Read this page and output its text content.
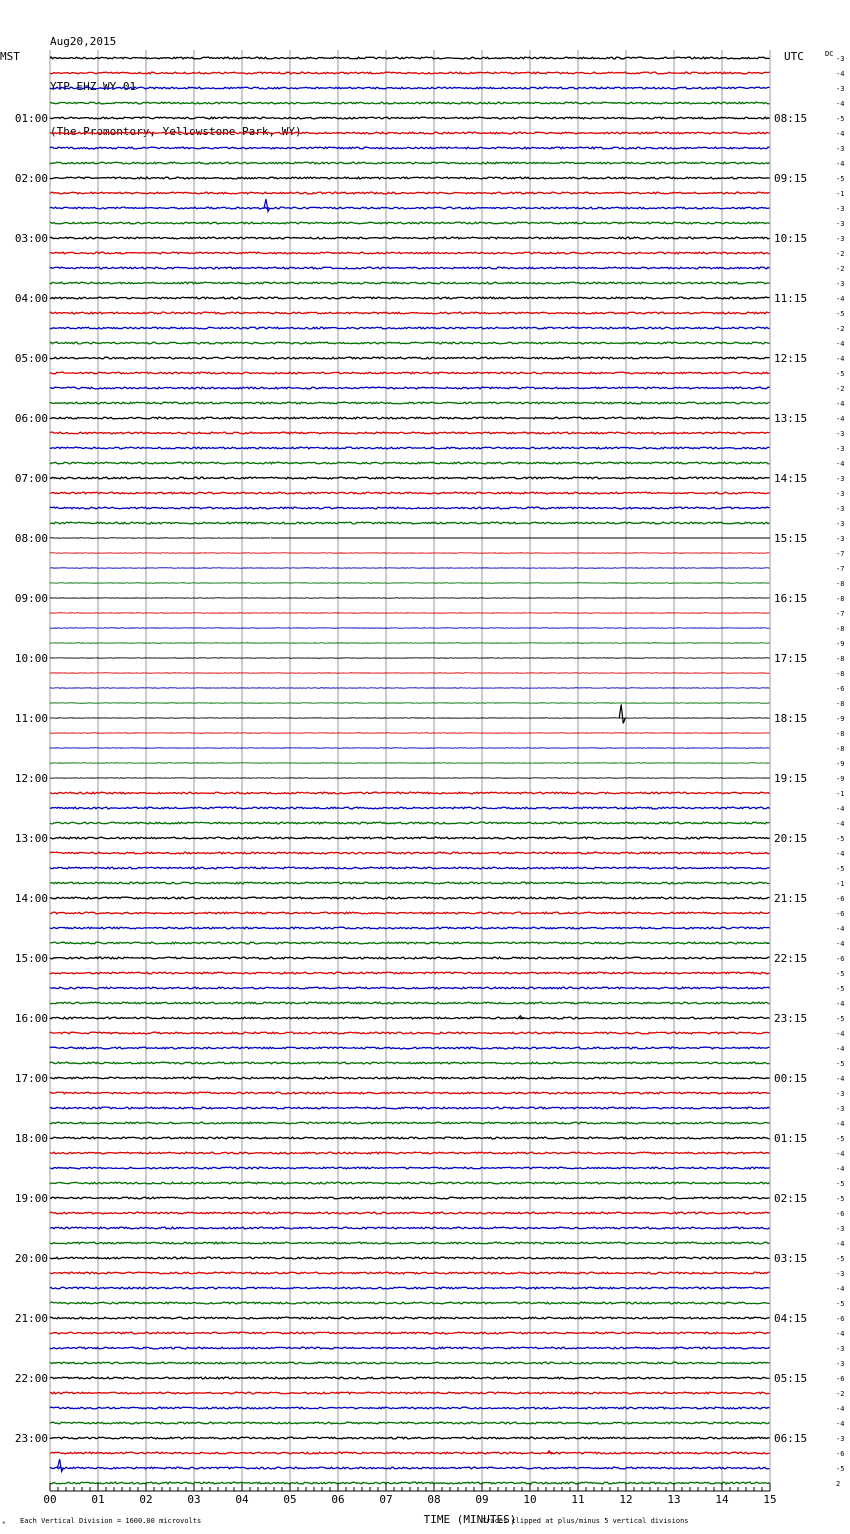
Aug20,2015

YTP EHZ WY 01

(The Promontory, Yellowstone Park, WY)

-3
-4
-3
-4
-5
-4
-3
-4
-5
-1
-3
-3
-3
-2
-2
-3
-4
-5
-2
-4
-4
-5
-2
-4
-4
-3
-3
-4
-3
-3
-3
-3
-3
-7
-7
-8
-8
-7
-8
-9
-8
-8
-6
-8
-9
-8
-8
-9
-9
-1
-4
-4
-5
-4
-5
-1
-6
-6
-4
-4
-6
-5
-5
-4
-5
-4
-4
-5
-4
-3
-3
-4
-5
-4
-4
-5
-5
-6
-3
-4
-5
-3
-4
-5
-6
-4
-3
-3
-6
-2
-4
-4
-3
-6
-5
2
01:00
02:00
03:00
04:00
05:00
06:00
07:00
08:00
09:00
10:00
11:00
12:00
13:00
14:00
15:00
16:00
17:00
18:00
19:00
20:00
21:00
22:00
23:00
08:15
09:15
10:15
11:15
12:15
13:15
14:15
15:15
16:15
17:15
18:15
19:15
20:15
21:15
22:15
23:15
00:15
01:15
02:15
03:15
04:15
05:15
06:15
00	01	02	03	04	05	06	07	08	09	10	11	12	13	14	15
MST	UTC	DC
TIME (MINUTES)
Each Vertical Division = 1600.00 microvolts	Traces clipped at plus/minus 5 vertical divisions
ᴹ
